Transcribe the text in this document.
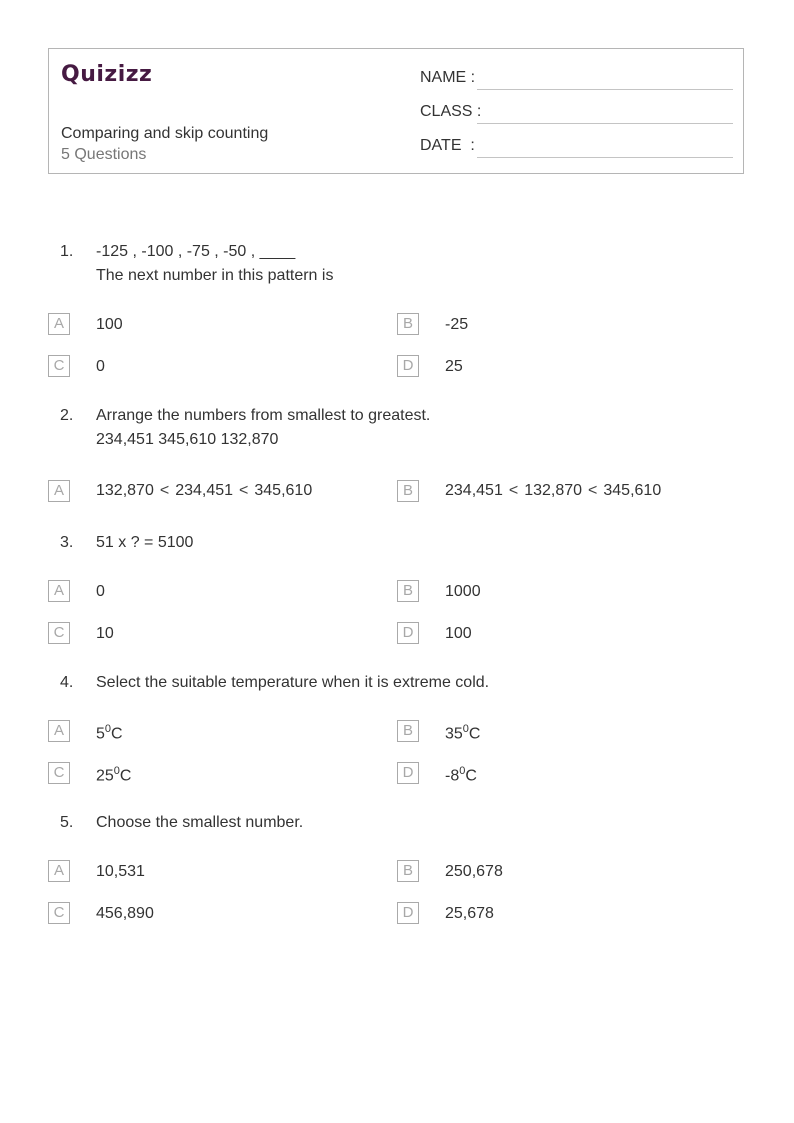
Quizizz
Comparing and skip counting
5 Questions
NAME :
CLASS :
DATE  :
1. -125 , -100 , -75 , -50 , ____
The next number in this pattern is
A	100	B	-25
C	0	D	25
2. Arrange the numbers from smallest to greatest.
234,451 345,610 132,870
A	132,870 < 234,451 < 345,610	B	234,451 < 132,870 < 345,610
3. 51 x ? = 5100
A	0	B	1000
C	10	D	100
4. Select the suitable temperature when it is extreme cold.
A	$5^0C$	B	$35^0C$
C	$25^0C$	D	$-8^0C$
5. Choose the smallest number.
A	10,531	B	250,678
C	456,890	D	25,678
